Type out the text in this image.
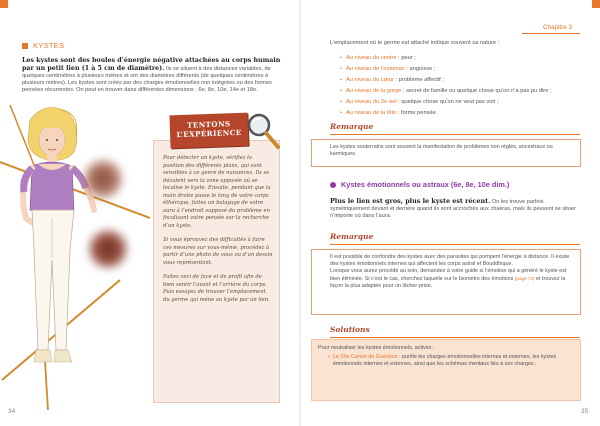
KYSTES
Les kystes sont des boules d’énergie négative attachées au corps humain par un petit lien (1 à 5 cm de diamètre). Ils se situent à des distances variables, de quelques centimètres à plusieurs mètres et ont des diamètres différents (de quelques centimètres à plusieurs mètres). Les kystes sont créés par des charges émotionnelles non intégrées ou des formes pensées récurrentes. On peut en trouver dans différentes dimensions : 6e, 8e, 10e, 14e et 18e.
TENTONS
L’EXPÉRIENCE

Pour détecter un kyste, vérifiez la position des différents plans, qui sont sensibles à ce genre de nuisances. Ils se décalent vers la zone opposée où se localise le kyste. Ensuite, pendant que la main droite passe le long de votre corps éthérique, faites un balayage de votre aura à l’endroit supposé du problème en focalisant votre pensée sur la recherche d’un kyste.

Si vous éprouvez des difficultés à faire ces mesures sur vous-même, procédez à partir d’une photo de vous ou d’un dessin vous représentant.

Faites ceci de face et de profil afin de bien sentir l’avant et l’arrière du corps. Puis essayez de trouver l’emplacement du germe qui mène au kyste par un lien.

34
Chapitre 3
L’emplacement où le germe est attaché indique souvent sa nature :
• Au niveau du ventre : peur ;
• Au niveau de l’estomac : angoisse ;
• Au niveau du cœur : problème affectif ;
• Au niveau de la gorge : secret de famille ou quelque chose qu’on n’a pas pu dire ;
• Au niveau du 3e œil : quelque chose qu’on ne veut pas voir ;
• Au niveau de la tête : forme pensée.
Remarque
Les kystes souterrains sont souvent la manifestation de problèmes non réglés, ancestraux ou karmiques.
Kystes émotionnels ou astraux (6e, 8e, 10e dim.)
Plus le lien est gros, plus le kyste est récent. On les trouve parfois symétriquement devant et derrière quand ils sont accrochés aux chakras, mais ils peuvent se situer n’importe où dans l’aura.
Remarque
Il est possible de confondre des kystes avec des parasites qui pompent l’énergie à distance. Il existe des kystes émotionnels internes qui affectent les corps astral et Bouddhique.
Lorsque vous aurez procédé au soin, demandez à votre guide si l’émotion qui a généré le kyste est bien éliminée. Si c’est le cas, cherchez laquelle sur le biomètre des émotions (page 72) et trouvez la façon la plus adaptée pour un lâcher-prise.
Solutions
Pour neutraliser les kystes émotionnels, activez :
• Le 15e Canon de Guérison : purifie les charges émotionnelles internes et externes, les kystes émotionnels internes et externes, ainsi que les schémas mentaux liés à ces charges ;
35
